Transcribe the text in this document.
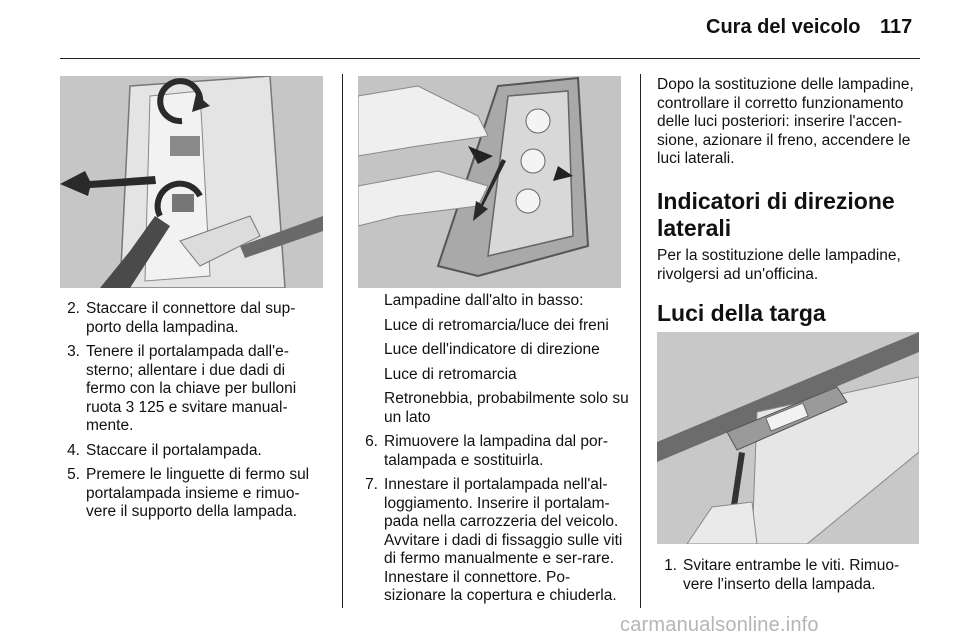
Cura del veicolo 117
2. Staccare il connettore dal sup-porto della lampadina.
3. Tenere il portalampada dall'e-sterno; allentare i due dadi di fermo con la chiave per bulloni ruota 3 125 e svitare manual-mente.
4. Staccare il portalampada.
5. Premere le linguette di fermo sul portalampada insieme e rimuo-vere il supporto della lampada.
Lampadine dall'alto in basso:
Luce di retromarcia/luce dei freni
Luce dell'indicatore di direzione
Luce di retromarcia
Retronebbia, probabilmente solo su un lato
6. Rimuovere la lampadina dal por-talampada e sostituirla.
7. Innestare il portalampada nell'al-loggiamento. Inserire il portalam-pada nella carrozzeria del veicolo. Avvitare i dadi di fissaggio sulle viti di fermo manualmente e ser-rare. Innestare il connettore. Po-sizionare la copertura e chiuderla.
Dopo la sostituzione delle lampadine, controllare il corretto funzionamento delle luci posteriori: inserire l'accen-sione, azionare il freno, accendere le luci laterali.
Indicatori di direzione laterali
Per la sostituzione delle lampadine, rivolgersi ad un'officina.
Luci della targa
1. Svitare entrambe le viti. Rimuo-vere l'inserto della lampada.
carmanualsonline.info
